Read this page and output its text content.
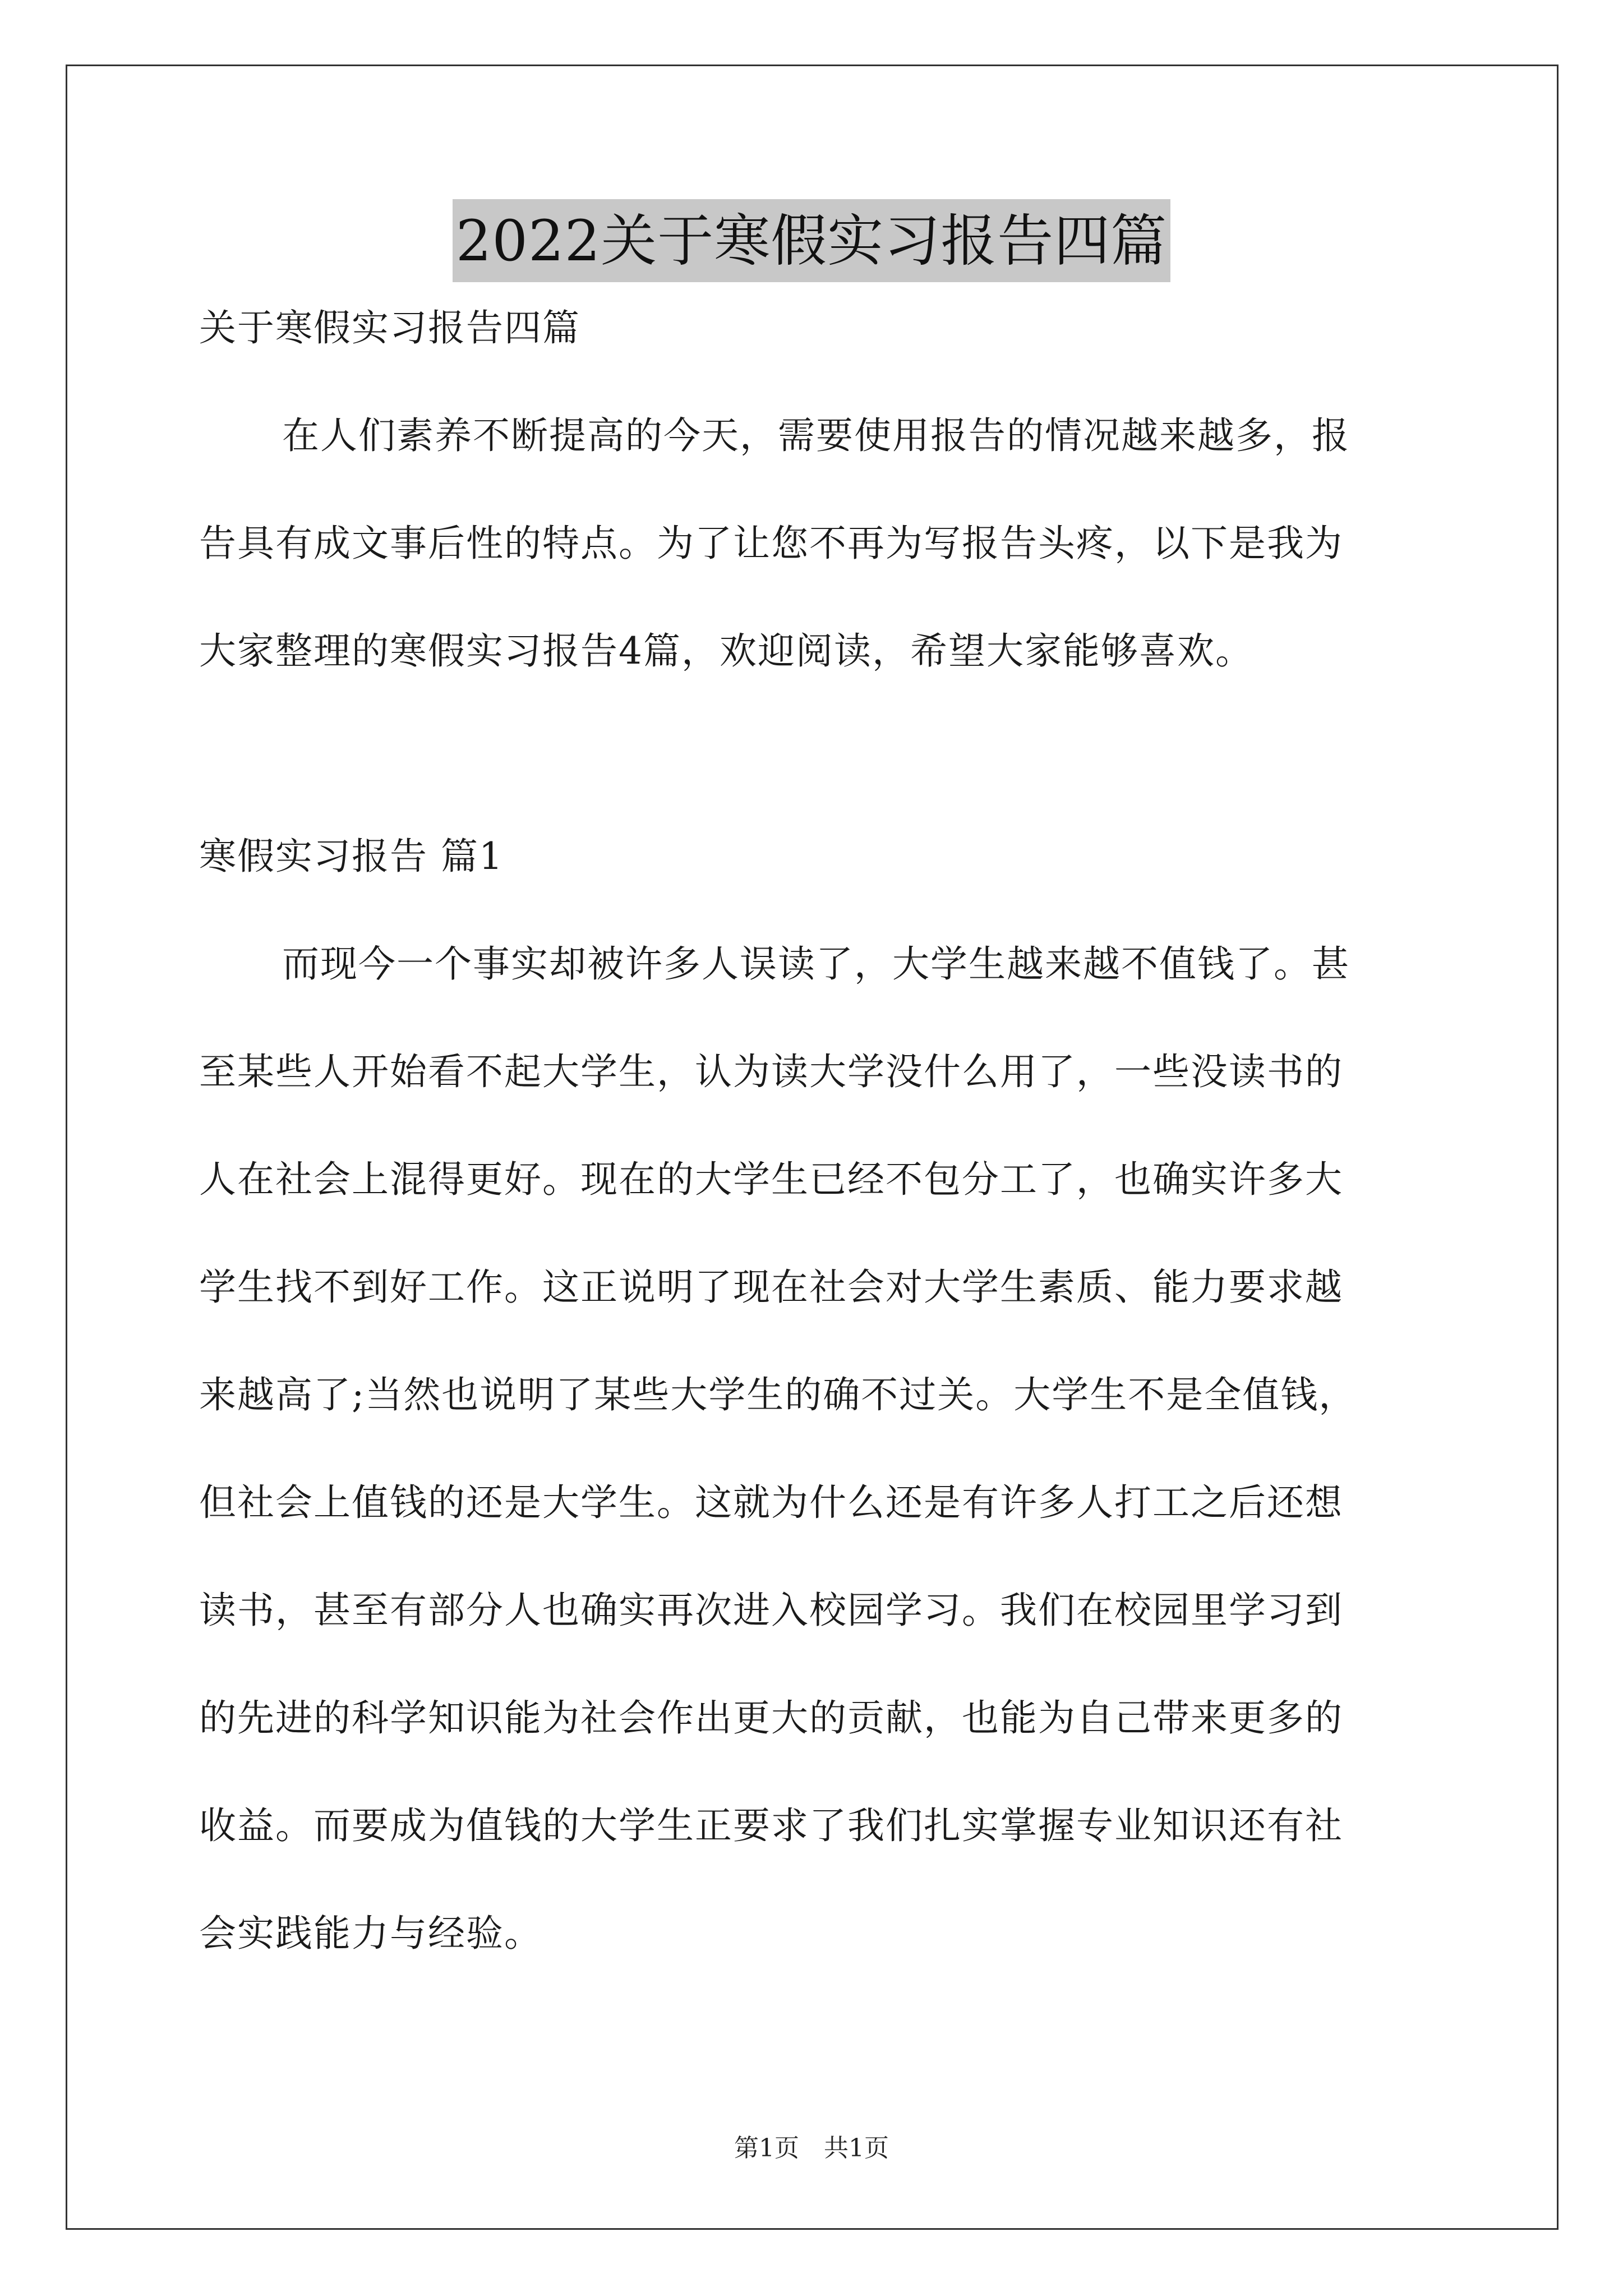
2022关于寒假实习报告四篇
关于寒假实习报告四篇
在人们素养不断提高的今天，需要使用报告的情况越来越多，报
告具有成文事后性的特点。为了让您不再为写报告头疼，以下是我为
大家整理的寒假实习报告4篇，欢迎阅读，希望大家能够喜欢。
寒假实习报告 篇1
而现今一个事实却被许多人误读了，大学生越来越不值钱了。甚
至某些人开始看不起大学生，认为读大学没什么用了，一些没读书的
人在社会上混得更好。现在的大学生已经不包分工了，也确实许多大
学生找不到好工作。这正说明了现在社会对大学生素质、能力要求越
来越高了;当然也说明了某些大学生的确不过关。大学生不是全值钱，
但社会上值钱的还是大学生。这就为什么还是有许多人打工之后还想
读书，甚至有部分人也确实再次进入校园学习。我们在校园里学习到
的先进的科学知识能为社会作出更大的贡献，也能为自己带来更多的
收益。而要成为值钱的大学生正要求了我们扎实掌握专业知识还有社
会实践能力与经验。
第1页 共1页
